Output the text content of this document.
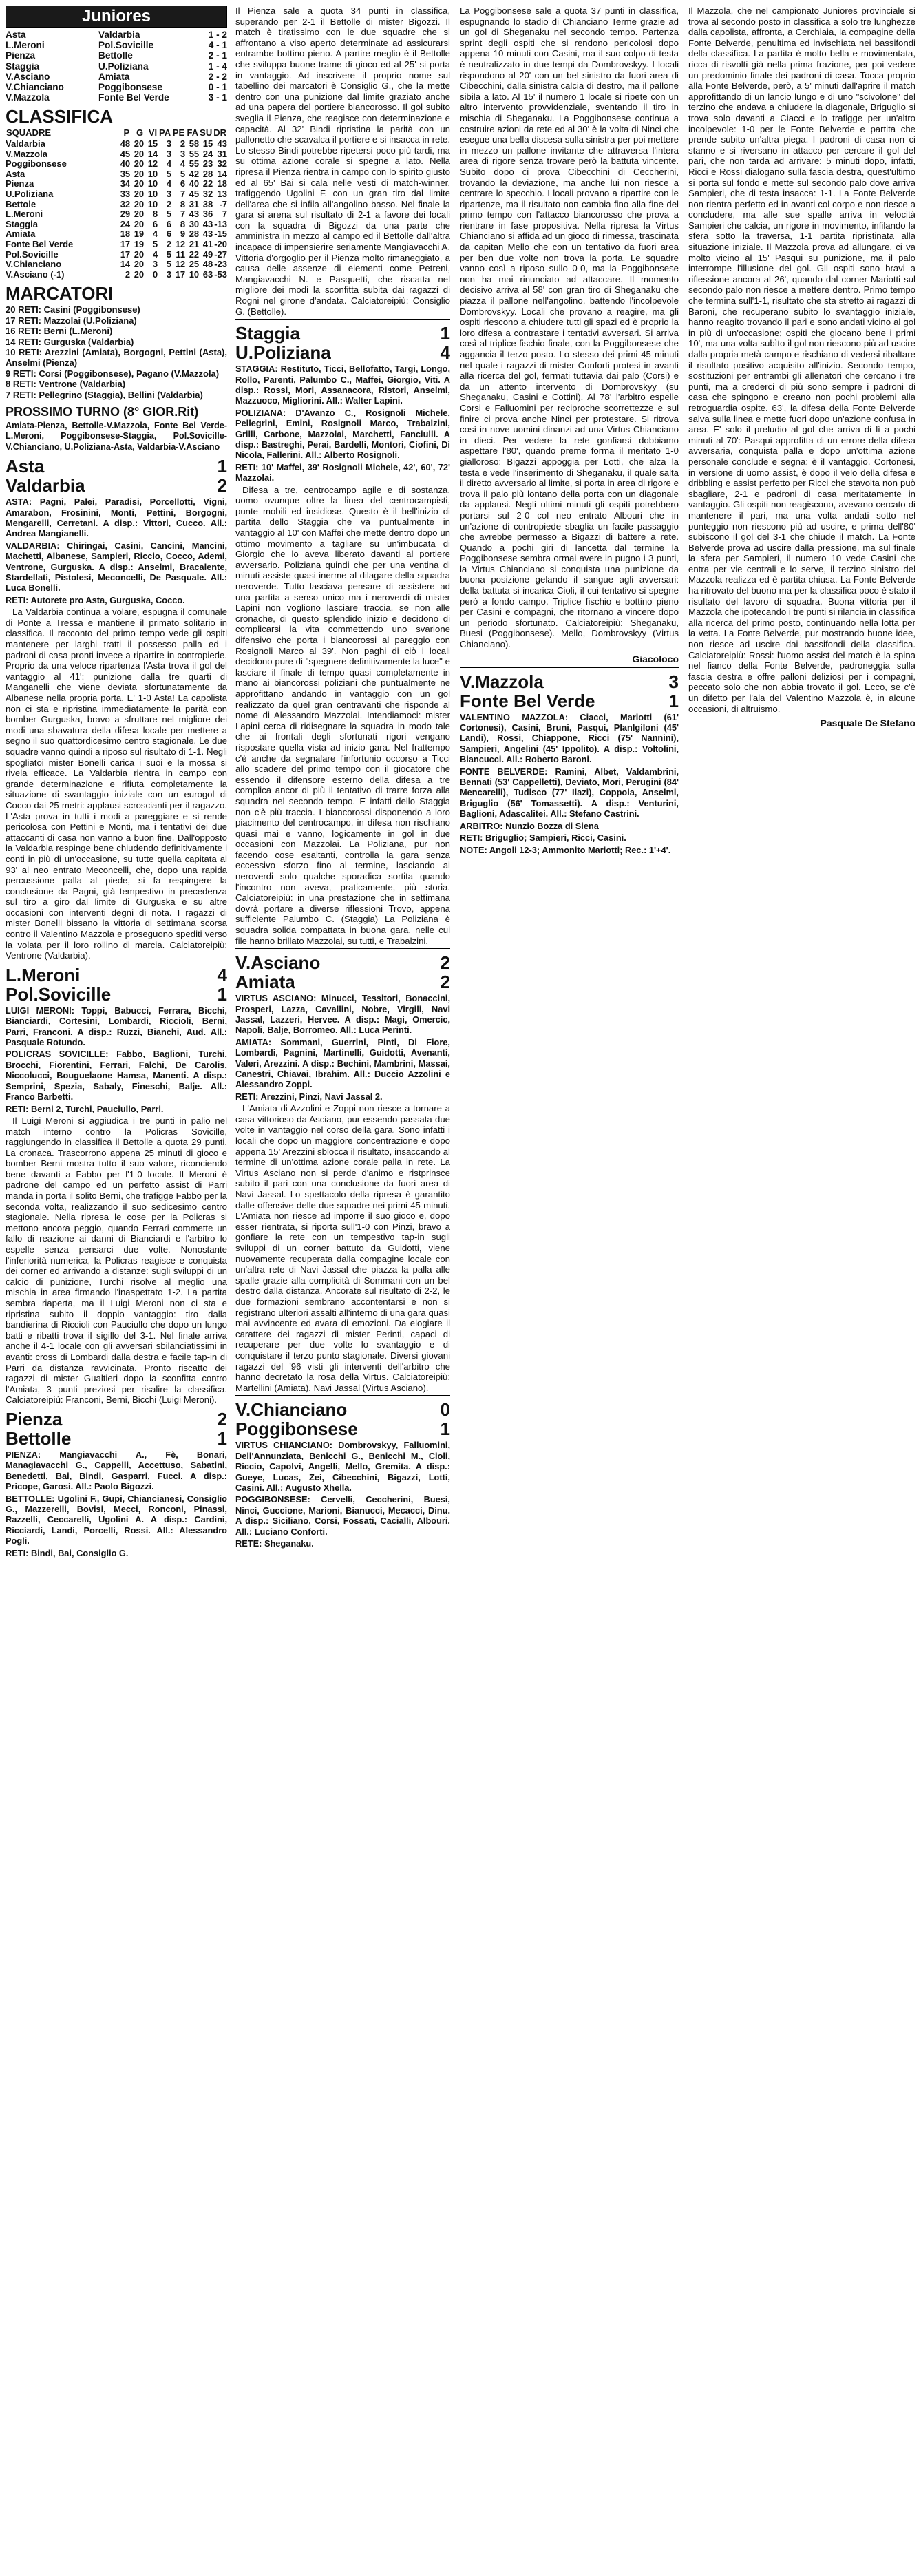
Juniores
Asta	Valdarbia	1 - 2
L.Meroni	Pol.Sovicille	4 - 1
Pienza	Bettolle	2 - 1
Staggia	U.Poliziana	1 - 4
V.Asciano	Amiata	2 - 2
V.Chianciano	Poggibonsese	0 - 1
V.Mazzola	Fonte Bel Verde	3 - 1
CLASSIFICA
SQUADRE	P	G	VI	PA	PE	FA	SU	DR
Valdarbia	48	20	15	3	2	58	15	43
V.Mazzola	45	20	14	3	3	55	24	31
Poggibonsese	40	20	12	4	4	55	23	32
Asta	35	20	10	5	5	42	28	14
Pienza	34	20	10	4	6	40	22	18
U.Poliziana	33	20	10	3	7	45	32	13
Bettole	32	20	10	2	8	31	38	-7
L.Meroni	29	20	8	5	7	43	36	7
Staggia	24	20	6	6	8	30	43	-13
Amiata	18	19	4	6	9	28	43	-15
Fonte Bel Verde	17	19	5	2	12	21	41	-20
Pol.Sovicille	17	20	4	5	11	22	49	-27
V.Chianciano	14	20	3	5	12	25	48	-23
V.Asciano (-1)	2	20	0	3	17	10	63	-53
MARCATORI

20 RETI: Casini (Poggibonsese)

17 RETI: Mazzolai (U.Poliziana)

16 RETI: Berni (L.Meroni)

14 RETI: Gurguska (Valdarbia)

10 RETI: Arezzini (Amiata), Borgogni, Pettini (Asta), Anselmi (Pienza)

9 RETI: Corsi (Poggibonsese), Pagano (V.Mazzola)

8 RETI: Ventrone (Valdarbia)

7 RETI: Pellegrino (Staggia), Bellini (Valdarbia)

PROSSIMO TURNO (8° GIOR.Rit)

Amiata-Pienza, Bettolle-V.Mazzola, Fonte Bel Verde-L.Meroni, Poggibonsese-Staggia, Pol.Sovicille-V.Chianciano, U.Poliziana-Asta, Valdarbia-V.Asciano

Asta	1
Valdarbia	2

ASTA: Pagni, Palei, Paradisi, Porcellotti, Vigni, Amarabon, Frosinini, Monti, Pettini, Borgogni, Mengarelli, Cerretani. A disp.: Vittori, Cucco. All.: Andrea Mangianelli.

VALDARBIA: Chiringai, Casini, Cancini, Mancini, Machetti, Albanese, Sampieri, Riccio, Cocco, Ademi, Ventrone, Gurguska. A disp.: Anselmi, Bracalente, Stardellati, Pistolesi, Meconcelli, De Pasquale. All.: Luca Bonelli.

RETI: Autorete pro Asta, Gurguska, Cocco.

La Valdarbia continua a volare, espugna il comunale di Ponte a Tressa e mantiene il primato solitario in classifica. Il racconto del primo tempo vede gli ospiti mantenere per larghi tratti il possesso palla ed i padroni di casa pronti invece a ripartire in contropiede. Proprio da una veloce ripartenza l'Asta trova il gol del vantaggio al 41': punizione dalla tre quarti di Manganelli che viene deviata sfortunatamente da Albanese nella propria porta. E' 1-0 Asta! La capolista non ci sta e ripristina immediatamente la parità con bomber Gurguska, bravo a sfruttare nel migliore dei modi una sbavatura della difesa locale per mettere a segno il suo quattordicesimo centro stagionale. Le due squadre vanno quindi a riposo sul risultato di 1-1. Negli spogliatoi mister Bonelli carica i suoi e la mossa si rivela efficace. La Valdarbia rientra in campo con grande determinazione e rifiuta completamente la situazione di svantaggio iniziale con un eurogol di Cocco dai 25 metri: applausi scroscianti per il ragazzo. L'Asta prova in tutti i modi a pareggiare e si rende pericolosa con Pettini e Monti, ma i tentativi dei due attaccanti di casa non vanno a buon fine. Dall'opposto la Valdarbia respinge bene chiudendo definitivamente i conti in più di un'occasione, su tutte quella capitata al 93' al neo entrato Meconcelli, che, dopo una rapida percussione palla al piede, si fa respingere la conclusione da Pagni, già tempestivo in precedenza sul tiro a giro dal limite di Gurguska e su altre occasioni con interventi degni di nota. I ragazzi di mister Bonelli bissano la vittoria di settimana scorsa contro il Valentino Mazzola e proseguono spediti verso la volata per il loro rollino di marcia. Calciatoreipiù: Ventrone (Valdarbia).

L.Meroni	4
Pol.Sovicille	1

LUIGI MERONI: Toppi, Babucci, Ferrara, Bicchi, Bianciardi, Cortesini, Lombardi, Riccioli, Berni, Parri, Franconi. A disp.: Ruzzi, Bianchi, Aud. All.: Pasquale Rotundo.

POLICRAS SOVICILLE: Fabbo, Baglioni, Turchi, Brocchi, Fiorentini, Ferrari, Falchi, De Carolis, Niccolucci, Bouguelaone Hamsa, Manenti. A disp.: Semprini, Spezia, Sabaly, Fineschi, Balje. All.: Franco Barbetti.

RETI: Berni 2, Turchi, Pauciullo, Parri.

Il Luigi Meroni si aggiudica i tre punti in palio nel match interno contro la Policras Sovicille, raggiungendo in classifica il Bettolle a quota 29 punti. La cronaca. Trascorrono appena 25 minuti di gioco e bomber Berni mostra tutto il suo valore, riconciendo bene davanti a Fabbo per l'1-0 locale. Il Meroni è padrone del campo ed un perfetto assist di Parri manda in porta il solito Berni, che trafigge Fabbo per la seconda volta, realizzando il suo sedicesimo centro stagionale. Nella ripresa le cose per la Policras si mettono ancora peggio, quando Ferrari commette un fallo di reazione ai danni di Bianciardi e l'arbitro lo espelle senza pensarci due volte. Nonostante l'inferiorità numerica, la Policras reagisce e conquista dei corner ed arrivando a distanze: sugli sviluppi di un calcio di punizione, Turchi risolve al meglio una mischia in area firmando l'inaspettato 1-2. La partita sembra riaperta, ma il Luigi Meroni non ci sta e ripristina subito il doppio vantaggio: tiro dalla bandierina di Riccioli con Pauciullo che dopo un lungo batti e ribatti trova il sigillo del 3-1. Nel finale arriva anche il 4-1 locale con gli avversari sbilanciatissimi in avanti: cross di Lombardi dalla destra e facile tap-in di Parri da distanza ravvicinata. Pronto riscatto dei ragazzi di mister Gualtieri dopo la sconfitta contro l'Amiata, 3 punti preziosi per risalire la classifica. Calciatoreipiù: Franconi, Berni, Bicchi (Luigi Meroni).

Pienza	2
Bettolle	1

PIENZA: Mangiavacchi A., Fè, Bonari, Managiavacchi G., Cappelli, Accettuso, Sabatini, Benedetti, Bai, Bindi, Gasparri, Fucci. A disp.: Pricope, Garosi. All.: Paolo Bigozzi.

BETTOLLE: Ugolini F., Gupi, Chiancianesi, Consiglio G., Mazzerelli, Bovisi, Mecci, Ronconi, Pinassi, Razzelli, Ceccarelli, Ugolini A. A disp.: Cardini, Ricciardi, Landi, Porcelli, Rossi. All.: Alessandro Pogli.

RETI: Bindi, Bai, Consiglio G.

Il Pienza sale a quota 34 punti in classifica, superando per 2-1 il Bettolle di mister Bigozzi. Il match è tiratissimo con le due squadre che si affrontano a viso aperto determinate ad assicurarsi entrambe bottino pieno. A partire meglio è il Bettolle che sviluppa buone trame di gioco ed al 25' si porta in vantaggio. Ad inscrivere il proprio nome sul tabellino dei marcatori è Consiglio G., che la mette dentro con una punizione dal limite graziato anche ad una papera del portiere biancorosso. Il gol subito sveglia il Pienza, che reagisce con determinazione e capacità. Al 32' Bindi ripristina la parità con un pallonetto che scavalca il portiere e si insacca in rete. Lo stesso Bindi potrebbe ripetersi poco più tardi, ma su ottima azione corale si spegne a lato. Nella ripresa il Pienza rientra in campo con lo spirito giusto ed al 65' Bai si cala nelle vesti di match-winner, trafiggendo Ugolini F. con un gran tiro dal limite dell'area che si infila all'angolino basso. Nel finale la gara si arena sul risultato di 2-1 a favore dei locali con la squadra di Bigozzi da una parte che amministra in mezzo al campo ed il Bettolle dall'altra incapace di impensierire seriamente Mangiavacchi A. Vittoria d'orgoglio per il Pienza molto rimaneggiato, a causa delle assenze di elementi come Petreni, Mangiavacchi N. e Pasquetti, che riscatta nel migliore dei modi la sconfitta subita dai ragazzi di Rogni nel girone d'andata. Calciatoreipiù: Consiglio G. (Bettolle).

Staggia	1
U.Poliziana	4

STAGGIA: Restituto, Ticci, Bellofatto, Targi, Longo, Rollo, Parenti, Palumbo C., Maffei, Giorgio, Viti. A disp.: Rossi, Mori, Assanacora, Ristori, Anselmi, Mazzuoco, Migliorini. All.: Walter Lapini.

POLIZIANA: D'Avanzo C., Rosignoli Michele, Pellegrini, Emini, Rosignoli Marco, Trabalzini, Grilli, Carbone, Mazzolai, Marchetti, Fanciulli. A disp.: Bastreghi, Perai, Bardelli, Montori, Ciofini, Di Nicola, Fallerini. All.: Alberto Rosignoli.

RETI: 10' Maffei, 39' Rosignoli Michele, 42', 60', 72' Mazzolai.

Difesa a tre, centrocampo agile e di sostanza, uomo ovunque oltre la linea del centrocampisti, punte mobili ed insidiose. Questo è il bell'inizio di partita dello Staggia che va puntualmente in vantaggio al 10' con Maffei che mette dentro dopo un ottimo movimento a tagliare su un'imbucata di Giorgio che lo aveva liberato davanti al portiere avversario. Poliziana quindi che per una ventina di minuti assiste quasi inerme al dilagare della squadra neroverde. Tutto lasciava pensare di assistere ad una partita a senso unico ma i neroverdi di mister Lapini non vogliono lasciare traccia, se non alle cronache, di questo splendido inizio e decidono di complicarsi la vita commettendo uno svarione difensivo che porta i biancorossi al pareggio con Rosignoli Marco al 39'. Non paghi di ciò i locali decidono pure di "spegnere definitivamente la luce" e lasciare il finale di tempo quasi completamente in mano ai biancorossi poliziani che puntualmente ne approfittano andando in vantaggio con un gol realizzato da quel gran centravanti che risponde al nome di Alessandro Mazzolai. Intendiamoci: mister Lapini cerca di ridisegnare la squadra in modo tale che ai frontali degli sfortunati rigori vengano rispostare quella vista ad inizio gara. Nel frattempo c'è anche da segnalare l'infortunio occorso a Ticci allo scadere del primo tempo con il giocatore che essendo il difensore esterno della difesa a tre complica ancor di più il tentativo di trarre forza alla squadra nel secondo tempo. E infatti dello Staggia non c'è più traccia. I biancorossi disponendo a loro piacimento del centrocampo, in difesa non rischiano quasi mai e vanno, logicamente in gol in due occasioni con Mazzolai. La Poliziana, pur non facendo cose esaltanti, controlla la gara senza eccessivo sforzo fino al termine, lasciando ai neroverdi solo qualche sporadica sortita quando l'incontro non aveva, praticamente, più storia. Calciatoreipiù: in una prestazione che in settimana dovrà portare a diverse riflessioni Trovo, appena sufficiente Palumbo C. (Staggia) La Poliziana è squadra solida compattata in buona gara, nelle cui file hanno brillato Mazzolai, su tutti, e Trabalzini.

V.Asciano	2
Amiata	2

VIRTUS ASCIANO: Minucci, Tessitori, Bonaccini, Prosperi, Lazza, Cavallini, Nobre, Virgili, Navi Jassal, Lazzeri, Hervee. A disp.: Magi, Omercic, Napoli, Balje, Borromeo. All.: Luca Perinti.

AMIATA: Sommani, Guerrini, Pinti, Di Fiore, Lombardi, Pagnini, Martinelli, Guidotti, Avenanti, Valeri, Arezzini. A disp.: Bechini, Mambrini, Massai, Canestri, Chiavai, Ibrahim. All.: Duccio Azzolini e Alessandro Zoppi.

RETI: Arezzini, Pinzi, Navi Jassal 2.

L'Amiata di Azzolini e Zoppi non riesce a tornare a casa vittorioso da Asciano, pur essendo passata due volte in vantaggio nel corso della gara. Sono infatti i locali che dopo un maggiore concentrazione e dopo appena 15' Arezzini sblocca il risultato, insaccando al termine di un'ottima azione corale palla in rete. La Virtus Asciano non si perde d'animo e ristprinsce subito il pari con una conclusione da fuori area di Navi Jassal. Lo spettacolo della ripresa è garantito dalle offensive delle due squadre nei primi 45 minuti. L'Amiata non riesce ad imporre il suo gioco e, dopo esser rientrata, si riporta sull'1-0 con Pinzi, bravo a gonfiare la rete con un tempestivo tap-in sugli sviluppi di un corner battuto da Guidotti, viene nuovamente recuperata dalla compagine locale con un'altra rete di Navi Jassal che piazza la palla alle spalle grazie alla complicità di Sommani con un bel destro dalla distanza. Ancorate sul risultato di 2-2, le due formazioni sembrano accontentarsi e non si registrano ulteriori assalti all'interno di una gara quasi mai avvincente ed avara di emozioni. Da elogiare il carattere dei ragazzi di mister Perinti, capaci di recuperare per due volte lo svantaggio e di conquistare il terzo punto stagionale. Diversi giovani ragazzi del '96 visti gli interventi dell'arbitro che hanno decretato la rosa della Virtus. Calciatoreipiù: Martellini (Amiata). Navi Jassal (Virtus Asciano).

V.Chianciano	0
Poggibonsese	1

VIRTUS CHIANCIANO: Dombrovskyy, Falluomini, Dell'Annunziata, Benicchi G., Benicchi M., Cioli, Riccio, Capolvi, Angelli, Mello, Gremita. A disp.: Gueye, Lucas, Zei, Cibecchini, Bigazzi, Lotti, Casini. All.: Augusto Xhella.

POGGIBONSESE: Cervelli, Ceccherini, Buesi, Ninci, Guccione, Marioni, Bianucci, Mecacci, Dinu. A disp.: Siciliano, Corsi, Fossati, Cacialli, Albouri. All.: Luciano Conforti.

RETE: Sheganaku.

La Poggibonsese sale a quota 37 punti in classifica, espugnando lo stadio di Chianciano Terme grazie ad un gol di Sheganaku nel secondo tempo. Partenza sprint degli ospiti che si rendono pericolosi dopo appena 10 minuti con Casini, ma il suo colpo di testa è neutralizzato in due tempi da Dombrovskyy. I locali rispondono al 20' con un bel sinistro da fuori area di Cibecchini, dalla sinistra calcia di destro, ma il pallone sibila a lato. Al 15' il numero 1 locale si ripete con un altro intervento provvidenziale, sventando il tiro in mischia di Sheganaku. La Poggibonsese continua a costruire azioni da rete ed al 30' è la volta di Ninci che esegue una bella discesa sulla sinistra per poi mettere in mezzo un pallone invitante che attraversa l'intera area di rigore senza trovare però la battuta vincente. Subito dopo ci prova Cibecchini di Ceccherini, trovando la deviazione, ma anche lui non riesce a centrare lo specchio. I locali provano a ripartire con le ripartenze, ma il risultato non cambia fino alla fine del primo tempo con l'attacco biancorosso che prova a rientrare in fase propositiva. Nella ripresa la Virtus Chianciano si affida ad un gioco di rimessa, trascinata da capitan Mello che con un tentativo da fuori area per ben due volte non trova la porta. Le squadre vanno così a riposo sullo 0-0, ma la Poggibonsese non ha mai rinunciato ad attaccare. Il momento decisivo arriva al 58' con gran tiro di Sheganaku che piazza il pallone nell'angolino, battendo l'incolpevole Dombrovskyy. Locali che provano a reagire, ma gli ospiti riescono a chiudere tutti gli spazi ed è proprio la loro difesa a contrastare i tentativi avversari. Si arriva così al triplice fischio finale, con la Poggibonsese che aggancia il terzo posto. Lo stesso dei primi 45 minuti nel quale i ragazzi di mister Conforti protesi in avanti alla ricerca del gol, fermati tuttavia dai palo (Corsi) e da un attento intervento di Dombrovskyy (su Sheganaku, Casini e Cottini). Al 78' l'arbitro espelle Corsi e Falluomini per reciproche scorrettezze e sul finire ci prova anche Ninci per protestare. Si ritrova così in nove uomini dinanzi ad una Virtus Chianciano in dieci. Per vedere la rete gonfiarsi dobbiamo aspettare l'80', quando preme forma il meritato 1-0 gialloroso: Bigazzi appoggia per Lotti, che alza la testa e vede l'inserimento di Sheganaku, il quale salta il diretto avversario al limite, si porta in area di rigore e trova il palo più lontano della porta con un diagonale da applausi. Negli ultimi minuti gli ospiti potrebbero portarsi sul 2-0 col neo entrato Albouri che in un'azione di contropiede sbaglia un facile passaggio che avrebbe permesso a Bigazzi di battere a rete. Quando a pochi giri di lancetta dal termine la Poggibonsese sembra ormai avere in pugno i 3 punti, la Virtus Chianciano si conquista una punizione da buona posizione gelando il sangue agli avversari: della battuta si incarica Cioli, il cui tentativo si spegne però a fondo campo. Triplice fischio e bottino pieno per Casini e compagni, che ritornano a vincere dopo un periodo sfortunato. Calciatoreipiù: Sheganaku, Buesi (Poggibonsese). Mello, Dombrovskyy (Virtus Chianciano).

Giacoloco

V.Mazzola	3
Fonte Bel Verde	1

VALENTINO MAZZOLA: Ciacci, Mariotti (61' Cortonesi), Casini, Bruni, Pasqui, Planlgiloni (45' Landi), Rossi, Chiappone, Ricci (75' Nannini), Sampieri, Angelini (45' Ippolito). A disp.: Voltolini, Biancucci. All.: Roberto Baroni.

FONTE BELVERDE: Ramini, Albet, Valdambrini, Bennati (53' Cappelletti), Deviato, Mori, Perugini (84' Mencarelli), Tudisco (77' Ilazi), Coppola, Anselmi, Briguglio (56' Tomassetti). A disp.: Venturini, Baglioni, Adascalitei. All.: Stefano Castrini.

ARBITRO: Nunzio Bozza di Siena

RETI: Briguglio; Sampieri, Ricci, Casini.

NOTE: Angoli 12-3; Ammonito Mariotti; Rec.: 1'+4'.

Il Mazzola, che nel campionato Juniores provinciale si trova al secondo posto in classifica a solo tre lunghezze dalla capolista, affronta, a Cerchiaia, la compagine della Fonte Belverde, penultima ed invischiata nei bassifondi della classifica. La partita è molto bella e movimentata, ricca di risvolti già nella prima frazione, per poi vedere un predominio finale dei padroni di casa. Tocca proprio alla Fonte Belverde, però, a 5' minuti dall'aprire il match approfittando di un lancio lungo e di uno "scivolone" del terzino che andava a chiudere la diagonale, Briguglio si trova solo davanti a Ciacci e lo trafigge per un'altro incolpevole: 1-0 per le Fonte Belverde e partita che prende subito un'altra piega. I padroni di casa non ci stanno e si riversano in attacco per cercare il gol del pari, che non tarda ad arrivare: 5 minuti dopo, infatti, Ricci e Rossi dialogano sulla fascia destra, quest'ultimo si porta sul fondo e mette sul secondo palo dove arriva Sampieri, che di testa insacca: 1-1. La Fonte Belverde non rientra perfetto ed in avanti col corpo e non riesce a concludere, ma alle sue spalle arriva in velocità Sampieri che calcia, un rigore in movimento, infilando la sfera sotto la traversa, 1-1 partita ripristinata alla situazione iniziale. Il Mazzola prova ad allungare, ci va molto vicino al 15' Pasqui su punizione, ma il palo interrompe l'illusione del gol. Gli ospiti sono bravi a riflessione ancora al 26', quando dal corner Mariotti sul secondo palo non riesce a mettere dentro. Primo tempo che termina sull'1-1, risultato che sta stretto ai ragazzi di Baroni, che recuperano subito lo svantaggio iniziale, hanno reagito trovando il pari e sono andati vicino al gol in più di un'occasione; ospiti che giocano bene i primi 10', ma una volta subìto il gol non riescono più ad uscire dalla propria metà-campo e rischiano di vedersi ribaltare il risultato positivo acquisito all'inizio. Secondo tempo, sostituzioni per entrambi gli allenatori che cercano i tre punti, ma a crederci di più sono sempre i padroni di casa che spingono e creano non pochi problemi alla retroguardia ospite. 63', la difesa della Fonte Belverde salva sulla linea e mette fuori dopo un'azione confusa in area. E' solo il preludio al gol che arriva di lì a pochi minuti al 70': Pasqui approfitta di un errore della difesa avversaria, conquista palla e dopo un'ottima azione personale conclude e segna: è il vantaggio, Cortonesi, in versione di uomo assist, è dopo il velo della difesa e dribbling e assist perfetto per Ricci che stavolta non può sbagliare, 2-1 e padroni di casa meritatamente in vantaggio. Gli ospiti non reagiscono, avevano cercato di mantenere il pari, ma una volta andati sotto nel punteggio non riescono più ad uscire, e prima dell'80' subiscono il gol del 3-1 che chiude il match. La Fonte Belverde prova ad uscire dalla pressione, ma sul finale la sfera per Sampieri, il numero 10 vede Casini che entra per vie centrali e lo serve, il terzino sinistro del Mazzola realizza ed è partita chiusa. La Fonte Belverde ha ritrovato del buono ma per la classifica poco è stato il risultato del lavoro di squadra. Buona vittoria per il Mazzola che ipotecando i tre punti si rilancia in classifica alla ricerca del primo posto, continuando nella lotta per la vetta. La Fonte Belverde, pur mostrando buone idee, non riesce ad uscire dai bassifondi della classifica. Calciatoreipiù: Rossi: l'uomo assist del match è la spina nel fianco della Fonte Belverde, padroneggia sulla fascia destra e offre palloni deliziosi per i compagni, peccato solo che non abbia trovato il gol. Ecco, se c'è un difetto per l'ala del Valentino Mazzola è, in alcune occasioni, di altruismo.

Pasquale De Stefano
